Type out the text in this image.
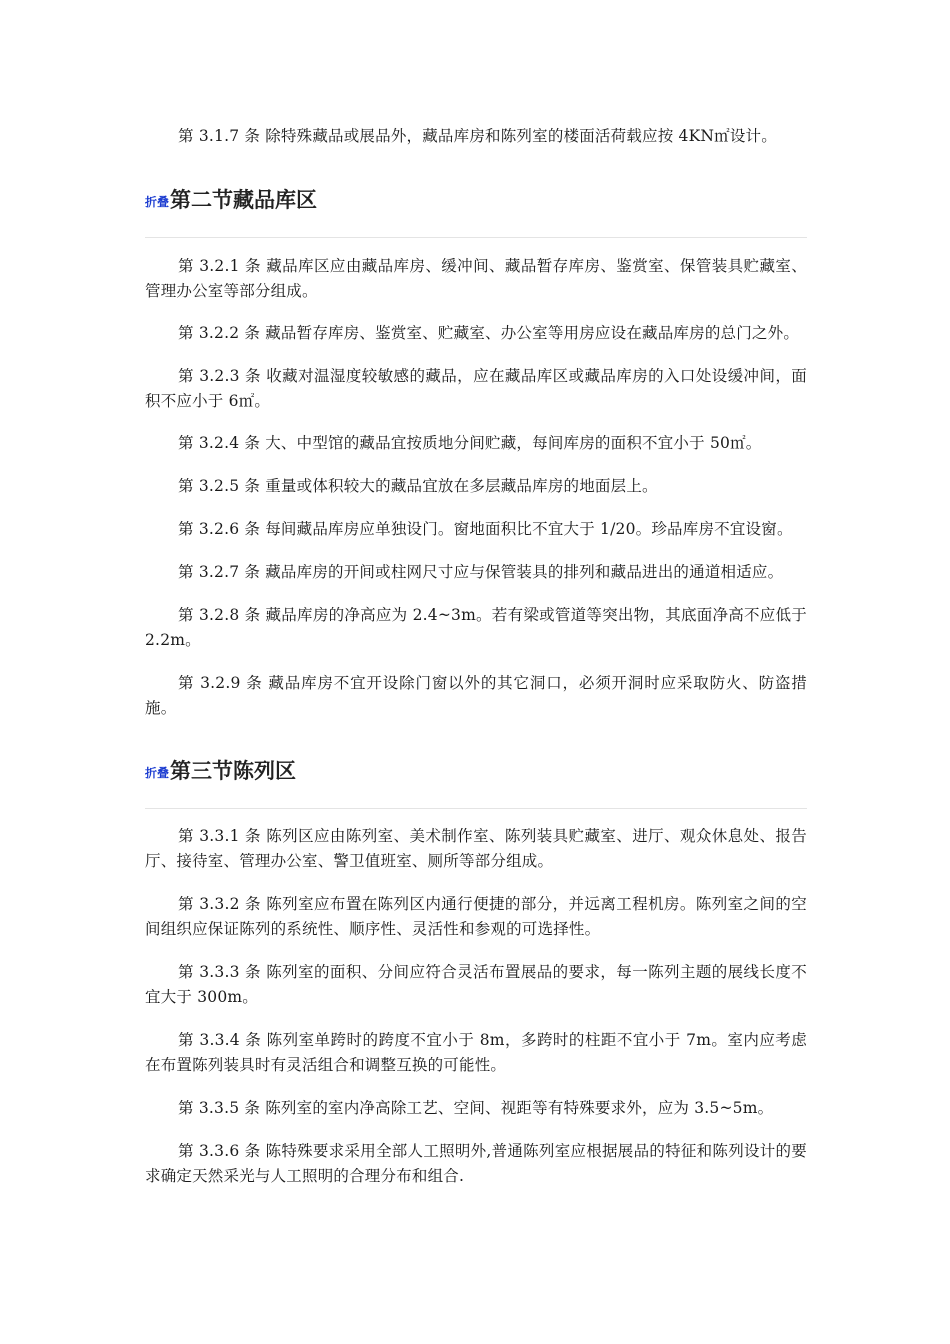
第 3.1.7 条 除特殊藏品或展品外，藏品库房和陈列室的楼面活荷载应按 4KN㎡设计。

折叠第二节藏品库区

第 3.2.1 条 藏品库区应由藏品库房、缓冲间、藏品暂存库房、鉴赏室、保管装具贮藏室、管理办公室等部分组成。

第 3.2.2 条 藏品暂存库房、鉴赏室、贮藏室、办公室等用房应设在藏品库房的总门之外。

第 3.2.3 条 收藏对温湿度较敏感的藏品，应在藏品库区或藏品库房的入口处设缓冲间，面积不应小于 6㎡。

第 3.2.4 条 大、中型馆的藏品宜按质地分间贮藏，每间库房的面积不宜小于 50㎡。

第 3.2.5 条 重量或体积较大的藏品宜放在多层藏品库房的地面层上。

第 3.2.6 条 每间藏品库房应单独设门。窗地面积比不宜大于 1/20。珍品库房不宜设窗。

第 3.2.7 条 藏品库房的开间或柱网尺寸应与保管装具的排列和藏品进出的通道相适应。

第 3.2.8 条 藏品库房的净高应为 2.4~3m。若有梁或管道等突出物，其底面净高不应低于 2.2m。

第 3.2.9 条 藏品库房不宜开设除门窗以外的其它洞口，必须开洞时应采取防火、防盗措施。

折叠第三节陈列区

第 3.3.1 条 陈列区应由陈列室、美术制作室、陈列装具贮藏室、进厅、观众休息处、报告厅、接待室、管理办公室、警卫值班室、厕所等部分组成。

第 3.3.2 条 陈列室应布置在陈列区内通行便捷的部分，并远离工程机房。陈列室之间的空间组织应保证陈列的系统性、顺序性、灵活性和参观的可选择性。

第 3.3.3 条 陈列室的面积、分间应符合灵活布置展品的要求，每一陈列主题的展线长度不宜大于 300m。

第 3.3.4 条 陈列室单跨时的跨度不宜小于 8m，多跨时的柱距不宜小于 7m。室内应考虑在布置陈列装具时有灵活组合和调整互换的可能性。

第 3.3.5 条 陈列室的室内净高除工艺、空间、视距等有特殊要求外，应为 3.5~5m。

第 3.3.6 条 陈特殊要求采用全部人工照明外,普通陈列室应根据展品的特征和陈列设计的要求确定天然采光与人工照明的合理分布和组合.
